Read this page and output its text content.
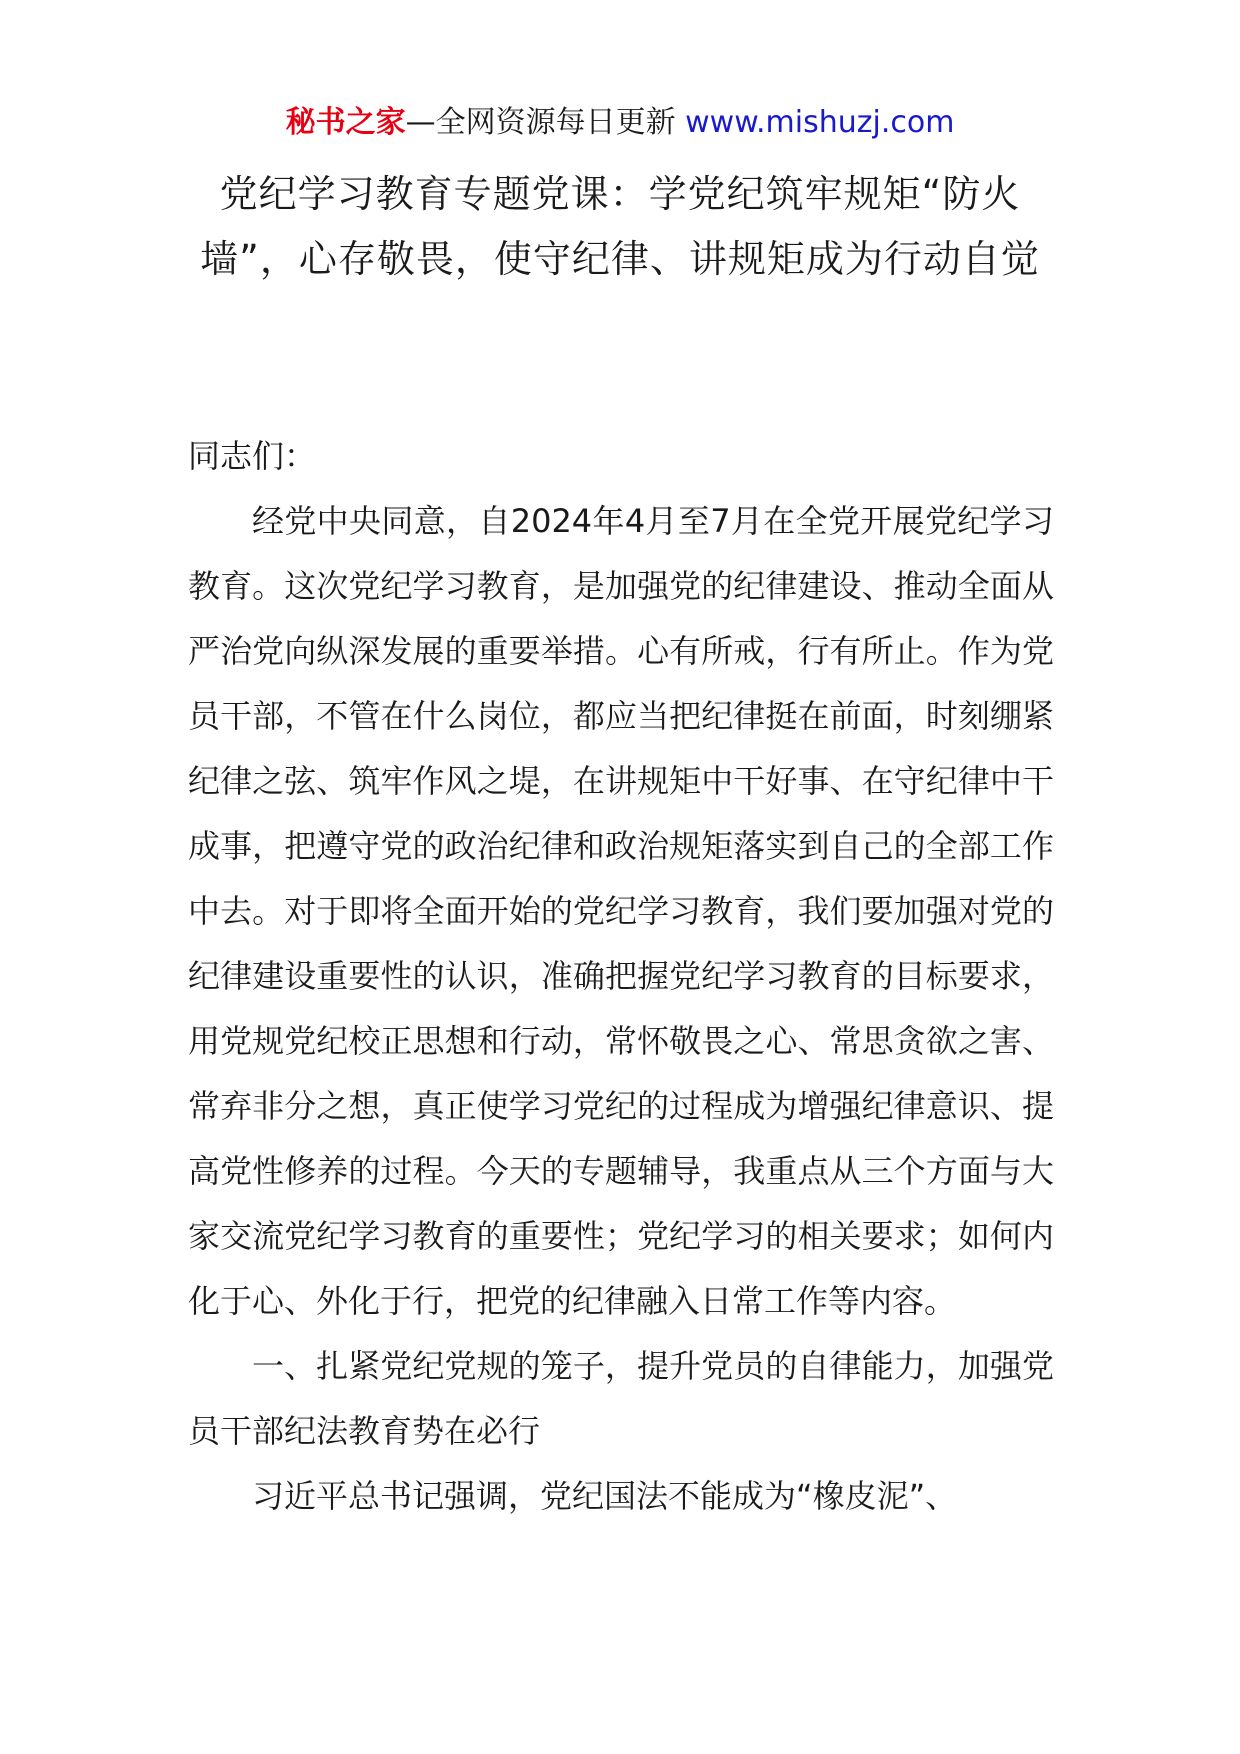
秘书之家—全网资源每日更新 www.mishuzj.com
党纪学习教育专题党课：学党纪筑牢规矩“防火墙”，心存敬畏，使守纪律、讲规矩成为行动自觉

同志们：

经党中央同意，自2024年4月至7月在全党开展党纪学习教育。这次党纪学习教育，是加强党的纪律建设、推动全面从严治党向纵深发展的重要举措。心有所戒，行有所止。作为党员干部，不管在什么岗位，都应当把纪律挺在前面，时刻绷紧纪律之弦、筑牢作风之堤，在讲规矩中干好事、在守纪律中干成事，把遵守党的政治纪律和政治规矩落实到自己的全部工作中去。对于即将全面开始的党纪学习教育，我们要加强对党的纪律建设重要性的认识，准确把握党纪学习教育的目标要求，用党规党纪校正思想和行动，常怀敬畏之心、常思贪欲之害、常弃非分之想，真正使学习党纪的过程成为增强纪律意识、提高党性修养的过程。今天的专题辅导，我重点从三个方面与大家交流党纪学习教育的重要性；党纪学习的相关要求；如何内化于心、外化于行，把党的纪律融入日常工作等内容。

一、扎紧党纪党规的笼子，提升党员的自律能力，加强党员干部纪法教育势在必行

习近平总书记强调，党纪国法不能成为“橡皮泥”、
